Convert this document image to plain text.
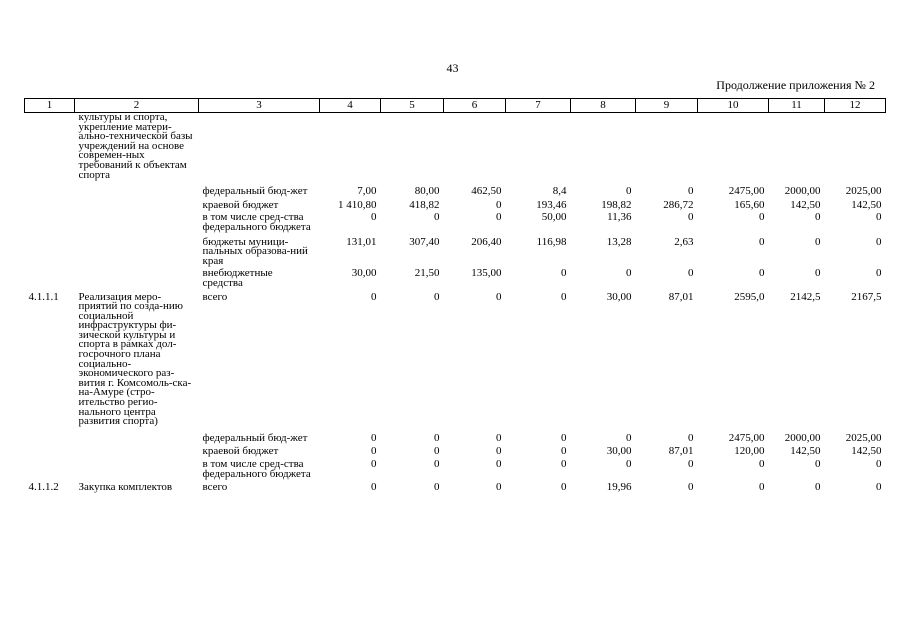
43
Продолжение приложения № 2
1	2	3	4	5	6	7	8	9	10	11	12
	культуры и спорта, укрепление матери-ально-технической базы учреждений на основе современ-ных требований к объектам спорта										
		федеральный бюд-жет	7,00	80,00	462,50	8,4	0	0	2475,00	2000,00	2025,00
		краевой бюджет	1 410,80	418,82	0	193,46	198,82	286,72	165,60	142,50	142,50
		в том числе сред-ства федерального бюджета	0	0	0	50,00	11,36	0	0	0	0
		бюджеты муници-пальных образова-ний края	131,01	307,40	206,40	116,98	13,28	2,63	0	0	0
		внебюджетные средства	30,00	21,50	135,00	0	0	0	0	0	0
4.1.1.1	Реализация меро-приятий по созда-нию социальной инфраструктуры фи-зической культуры и спорта в рамках дол-госрочного плана социально-экономического раз-вития г. Комсомоль-ска-на-Амуре (стро-ительство регио-нального центра развития спорта)	всего	0	0	0	0	30,00	87,01	2595,0	2142,5	2167,5
		федеральный бюд-жет	0	0	0	0	0	0	2475,00	2000,00	2025,00
		краевой бюджет	0	0	0	0	30,00	87,01	120,00	142,50	142,50
		в том числе сред-ства федерального бюджета	0	0	0	0	0	0	0	0	0
4.1.1.2	Закупка комплектов	всего	0	0	0	0	19,96	0	0	0	0
